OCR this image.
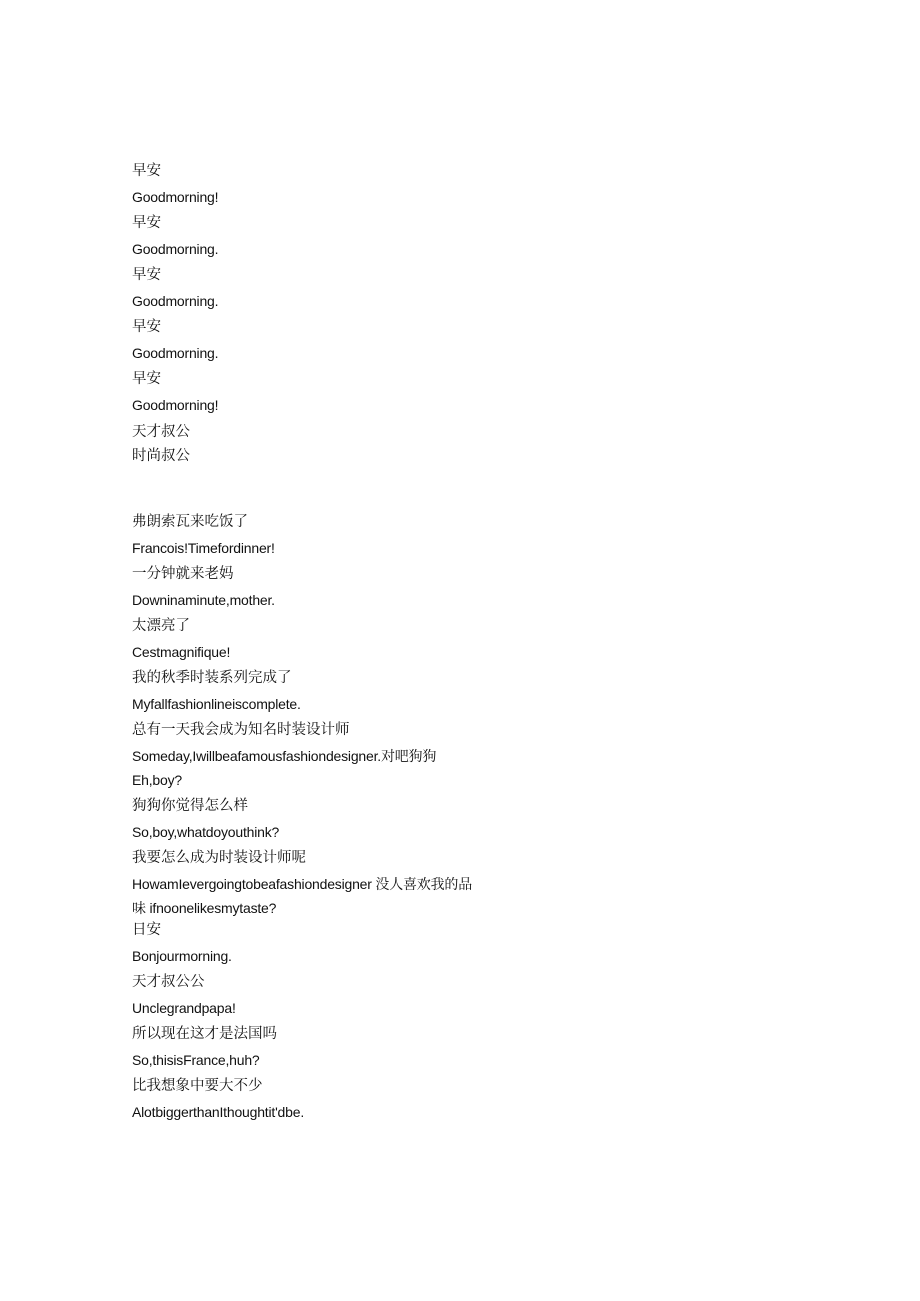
早安
Goodmorning!
早安
Goodmorning.
早安
Goodmorning.
早安
Goodmorning.
早安
Goodmorning!
天才叔公
时尚叔公
弗朗索瓦来吃饭了
Francois!Timefordinner!
一分钟就来老妈
Downinaminute,mother.
太漂亮了
Cestmagnifique!
我的秋季时装系列完成了
Myfallfashionlineiscomplete.
总有一天我会成为知名时装设计师
Someday,Iwillbeafamousfashiondesigner.对吧狗狗
Eh,boy?
狗狗你觉得怎么样
So,boy,whatdoyouthink?
我要怎么成为时装设计师呢
HowamIevergoingtobeafashiondesigner 没人喜欢我的品
味 ifnoonelikesmytaste?
日安
Bonjourmorning.
天才叔公公
Unclegrandpapa!
所以现在这才是法国吗
So,thisisFrance,huh?
比我想象中要大不少
AlotbiggerthanIthoughtit'dbe.
